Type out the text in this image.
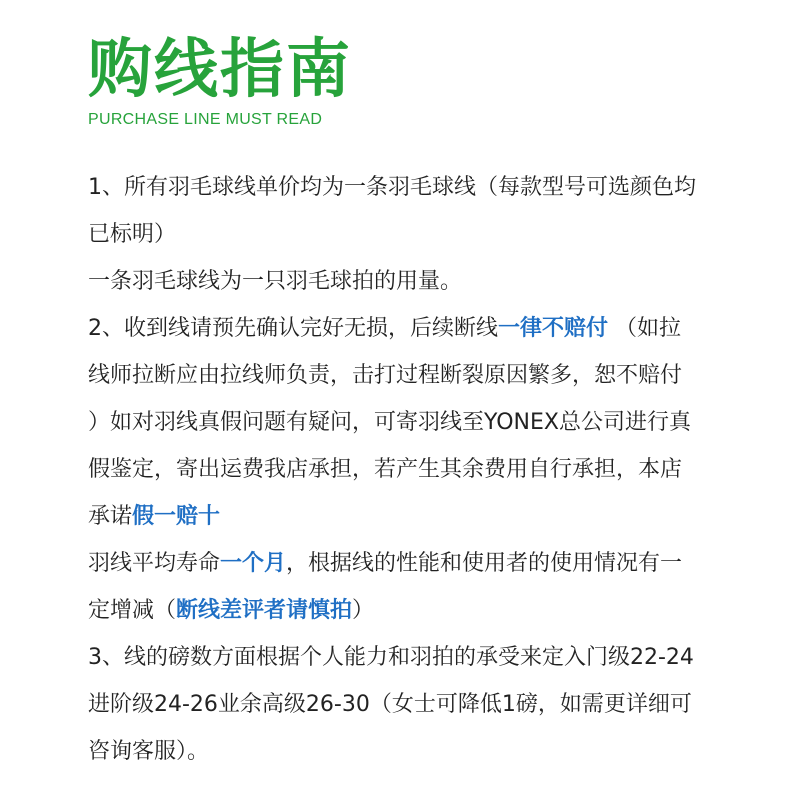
购线指南
PURCHASE LINE MUST READ
1、所有羽毛球线单价均为一条羽毛球线（每款型号可选颜色均
已标明）
一条羽毛球线为一只羽毛球拍的用量。
2、收到线请预先确认完好无损，后续断线一律不赔付 （如拉
线师拉断应由拉线师负责，击打过程断裂原因繁多，恕不赔付
）如对羽线真假问题有疑问，可寄羽线至YONEX总公司进行真
假鉴定，寄出运费我店承担，若产生其余费用自行承担，本店
承诺假一赔十
羽线平均寿命一个月，根据线的性能和使用者的使用情况有一
定增减（断线差评者请慎拍）
3、线的磅数方面根据个人能力和羽拍的承受来定入门级22-24
进阶级24-26业余高级26-30（女士可降低1磅，如需更详细可
咨询客服）。
